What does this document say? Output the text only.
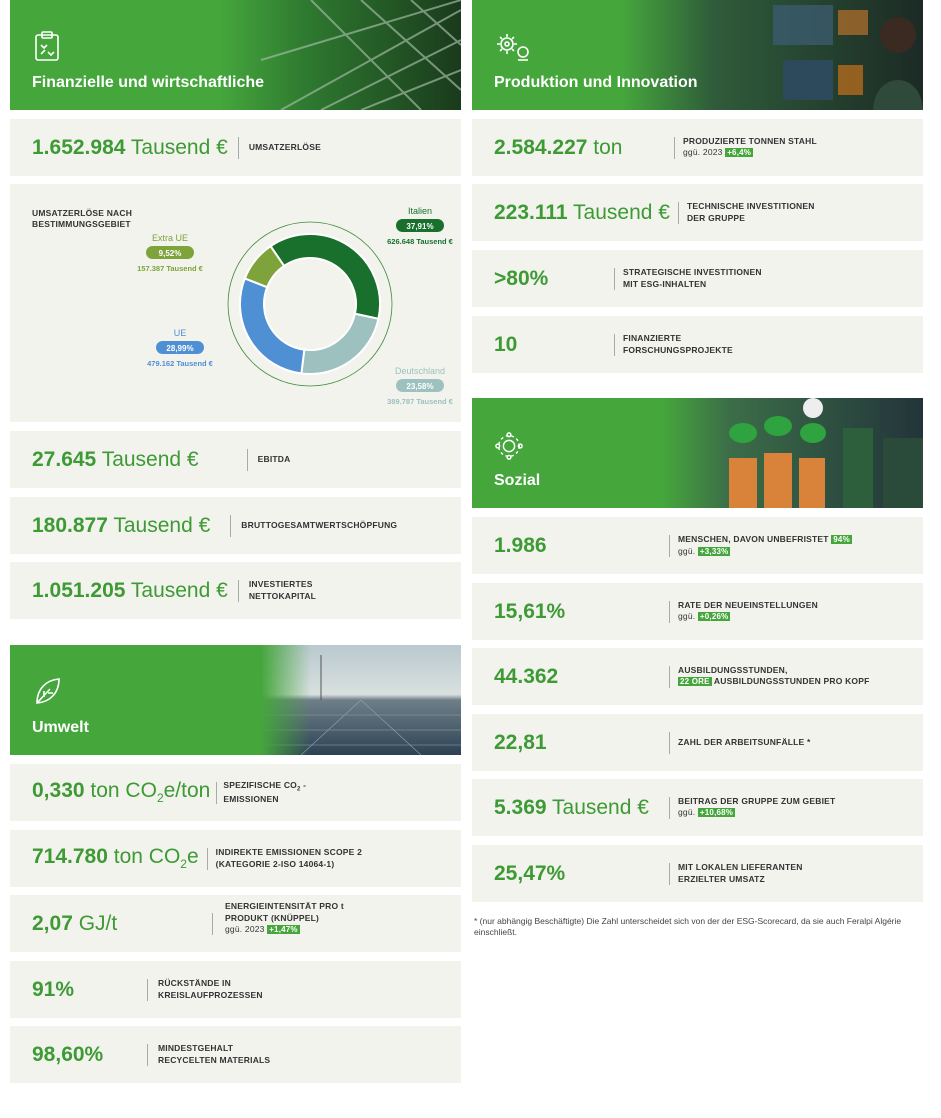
Finanzielle und wirtschaftliche
1.652.984 Tausend € UMSATZERLÖSE
UMSATZERLÖSE NACH
BESTIMMUNGSGEBIET
Italien
37,91%
626.648 Tausend €
Deutschland
23,58%
389.787 Tausend €
UE
28,99%
479.162 Tausend €
Extra UE
9,52%
157.387 Tausend €
27.645 Tausend €	EBITDA
180.877 Tausend €	BRUTTOGESAMTWERTSCHÖPFUNG
1.051.205 Tausend € INVESTIERTES
NETTOKAPITAL
Umwelt
0,330 ton $CO_2e$/ton SPEZIFISCHE $CO_2$ -
EMISSIONEN
714.780 ton $CO_2e$ INDIREKTE EMISSIONEN SCOPE 2
(KATEGORIE 2-ISO 14064-1)
2,07 GJ/t
ENERGIEINTENSITÄT PRO t
PRODUKT (KNÜPPEL)
ggü. 2023 +1,47%
91%	RÜCKSTÄNDE IN
KREISLAUFPROZESSEN
98,60%	MINDESTGEHALT
RECYCELTEN MATERIALS
Produktion und Innovation
2.584.227 ton	PRODUZIERTE TONNEN STAHL
ggü. 2023 +6,4%
223.111 Tausend € TECHNISCHE INVESTITIONEN
DER GRUPPE
>80%	STRATEGISCHE INVESTITIONEN
MIT ESG-INHALTEN
10	FINANZIERTE
FORSCHUNGSPROJEKTE
Sozial
1.986	MENSCHEN, DAVON UNBEFRISTET 94%
ggü. +3,33%
15,61%	RATE DER NEUEINSTELLUNGEN
ggü. +0,26%
44.362	AUSBILDUNGSSTUNDEN,
22 ORE AUSBILDUNGSSTUNDEN PRO KOPF
22,81	ZAHL DER ARBEITSUNFÄLLE *
5.369 Tausend €	BEITRAG DER GRUPPE ZUM GEBIET
ggü. +10,68%
25,47%	MIT LOKALEN LIEFERANTEN
ERZIELTER UMSATZ
* (nur abhängig Beschäftigte) Die Zahl unterscheidet sich von der der ESG-Scorecard, da sie auch Feralpi Algérie einschließt.
